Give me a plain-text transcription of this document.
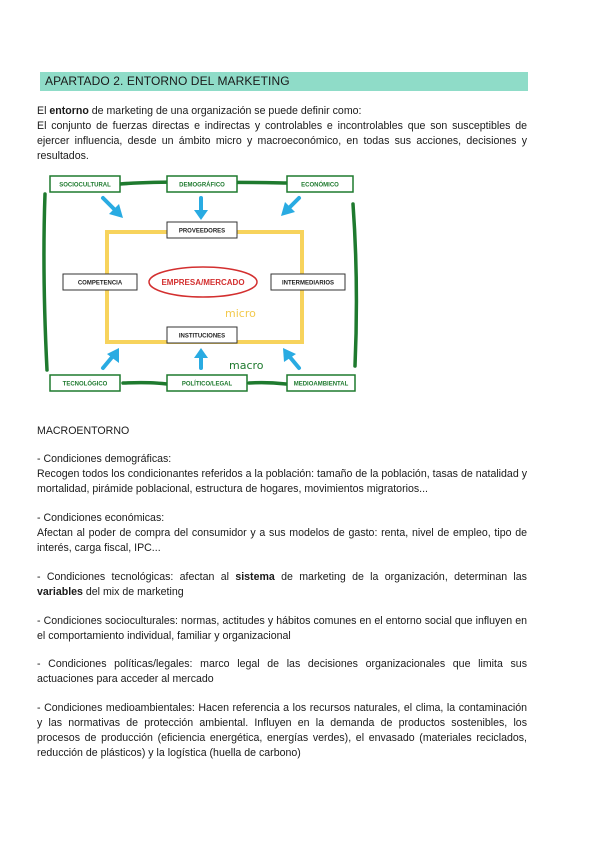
APARTADO 2. ENTORNO DEL MARKETING

El entorno de marketing de una organización se puede definir como:

El conjunto de fuerzas directas e indirectas y controlables e incontrolables que son susceptibles de ejercer influencia, desde un ámbito micro y macroeconómico, en todas sus acciones, decisiones y resultados.

SOCIOCULTURAL	DEMOGRÁFICO	ECONÓMICO
TECNOLÓGICO	POLÍTICO/LEGAL	MEDIOAMBIENTAL
PROVEEDORES
COMPETENCIA	INTERMEDIARIOS
INSTITUCIONES
EMPRESA/MERCADO
micro
macro

MACROENTORNO

- Condiciones demográficas:

Recogen todos los condicionantes referidos a la población: tamaño de la población, tasas de natalidad y mortalidad, pirámide poblacional, estructura de hogares, movimientos migratorios...

- Condiciones económicas:

Afectan al poder de compra del consumidor y a sus modelos de gasto: renta, nivel de empleo, tipo de interés, carga fiscal, IPC...

- Condiciones tecnológicas: afectan al sistema de marketing de la organización, determinan las variables del mix de marketing

- Condiciones socioculturales: normas, actitudes y hábitos comunes en el entorno social que influyen en el comportamiento individual, familiar y organizacional

- Condiciones políticas/legales: marco legal de las decisiones organizacionales que limita sus actuaciones para acceder al mercado

- Condiciones medioambientales: Hacen referencia a los recursos naturales, el clima, la contaminación y las normativas de protección ambiental. Influyen en la demanda de productos sostenibles, los procesos de producción (eficiencia energética, energías verdes), el envasado (materiales reciclados, reducción de plásticos) y la logística (huella de carbono)
